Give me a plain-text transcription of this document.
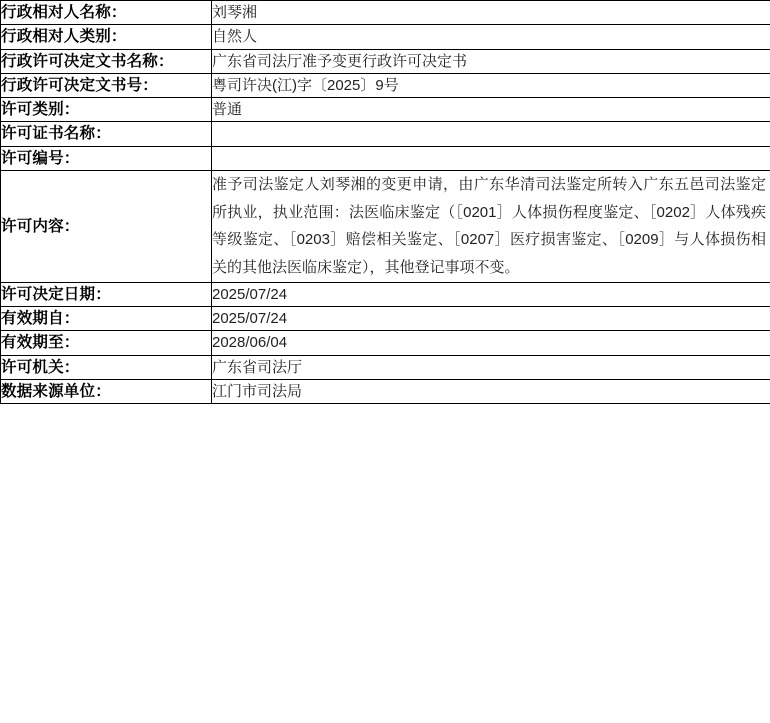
行政相对人名称：	刘琴湘

行政相对人类别：	自然人

行政许可决定文书名称：	广东省司法厅准予变更行政许可决定书

行政许可决定文书号：	粤司许决(江)字〔2025〕9号

许可类别：	普通

许可证书名称：	

许可编号：	

许可内容：	准予司法鉴定人刘琴湘的变更申请，由广东华清司法鉴定所转入广东五邑司法鉴定所执业，执业范围：法医临床鉴定（［0201］人体损伤程度鉴定、［0202］人体残疾等级鉴定、［0203］赔偿相关鉴定、［0207］医疗损害鉴定、［0209］与人体损伤相关的其他法医临床鉴定），其他登记事项不变。

许可决定日期：	2025/07/24

有效期自：	2025/07/24

有效期至：	2028/06/04

许可机关：	广东省司法厅

数据来源单位：	江门市司法局
